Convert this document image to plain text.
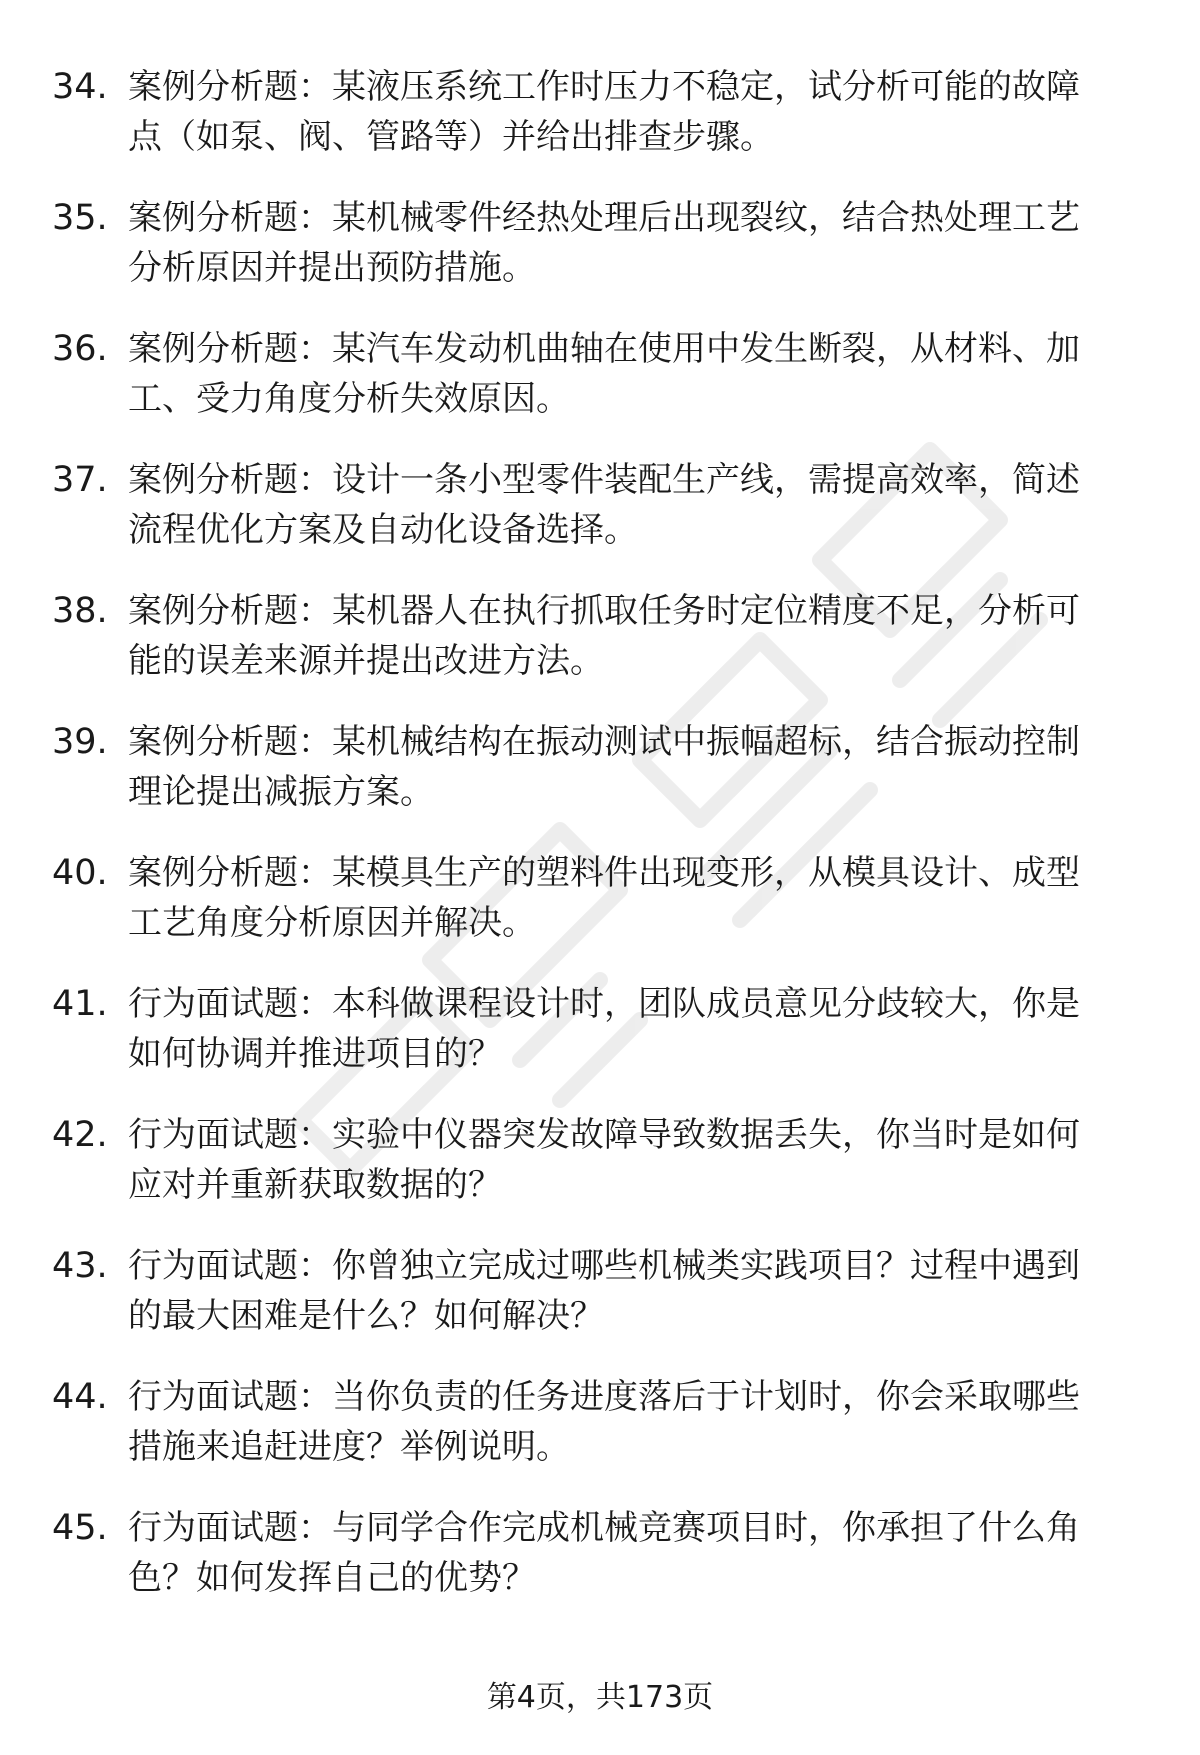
34. 案例分析题：某液压系统工作时压力不稳定，试分析可能的故障
点（如泵、阀、管路等）并给出排查步骤。
35. 案例分析题：某机械零件经热处理后出现裂纹，结合热处理工艺
分析原因并提出预防措施。
36. 案例分析题：某汽车发动机曲轴在使用中发生断裂，从材料、加
工、受力角度分析失效原因。
37. 案例分析题：设计一条小型零件装配生产线，需提高效率，简述
流程优化方案及自动化设备选择。
38. 案例分析题：某机器人在执行抓取任务时定位精度不足，分析可
能的误差来源并提出改进方法。
39. 案例分析题：某机械结构在振动测试中振幅超标，结合振动控制
理论提出减振方案。
40. 案例分析题：某模具生产的塑料件出现变形，从模具设计、成型
工艺角度分析原因并解决。
41. 行为面试题：本科做课程设计时，团队成员意见分歧较大，你是
如何协调并推进项目的？
42. 行为面试题：实验中仪器突发故障导致数据丢失，你当时是如何
应对并重新获取数据的？
43. 行为面试题：你曾独立完成过哪些机械类实践项目？过程中遇到
的最大困难是什么？如何解决？
44. 行为面试题：当你负责的任务进度落后于计划时，你会采取哪些
措施来追赶进度？举例说明。
45. 行为面试题：与同学合作完成机械竞赛项目时，你承担了什么角
色？如何发挥自己的优势？
第4页，共173页
